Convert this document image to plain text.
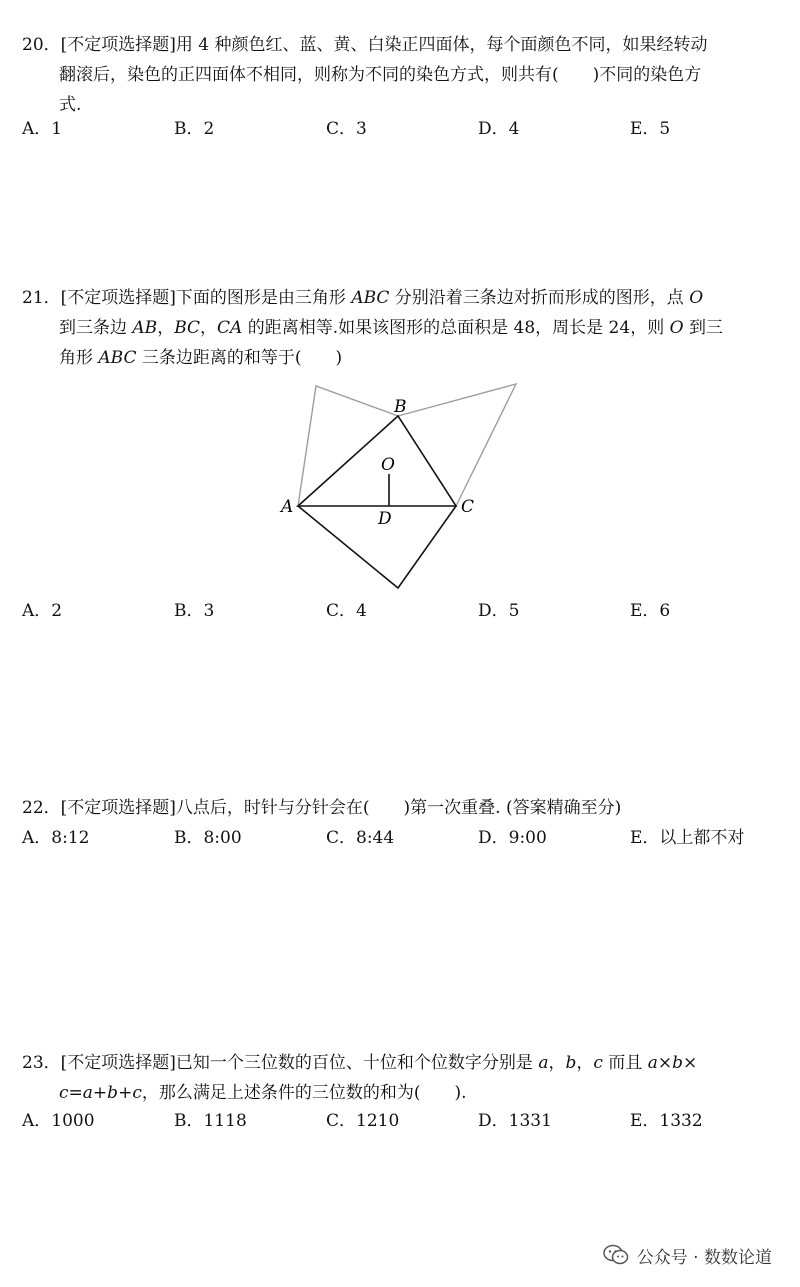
20．[不定项选择题]用 4 种颜色红、蓝、黄、白染正四面体，每个面颜色不同，如果经转动
翻滚后，染色的正四面体不相同，则称为不同的染色方式，则共有(　　)不同的染色方
式.
A．1	B．2	C．3	D．4	E．5
21．[不定项选择题]下面的图形是由三角形 ABC 分别沿着三条边对折而形成的图形，点 O
到三条边 AB，BC，CA 的距离相等.如果该图形的总面积是 48，周长是 24，则 O 到三
角形 ABC 三条边距离的和等于(　　)
A
B
C
O
D
A．2	B．3	C．4	D．5	E．6
22．[不定项选择题]八点后，时针与分针会在(　　)第一次重叠. (答案精确至分)
A．8:12	B．8:00	C．8:44	D．9:00	E．以上都不对
23．[不定项选择题]已知一个三位数的百位、十位和个位数字分别是 a，b，c 而且 a×b×
c=a+b+c，那么满足上述条件的三位数的和为(　　).
A．1000	B．1118	C．1210	D．1331	E．1332
公众号 · 数数论道
